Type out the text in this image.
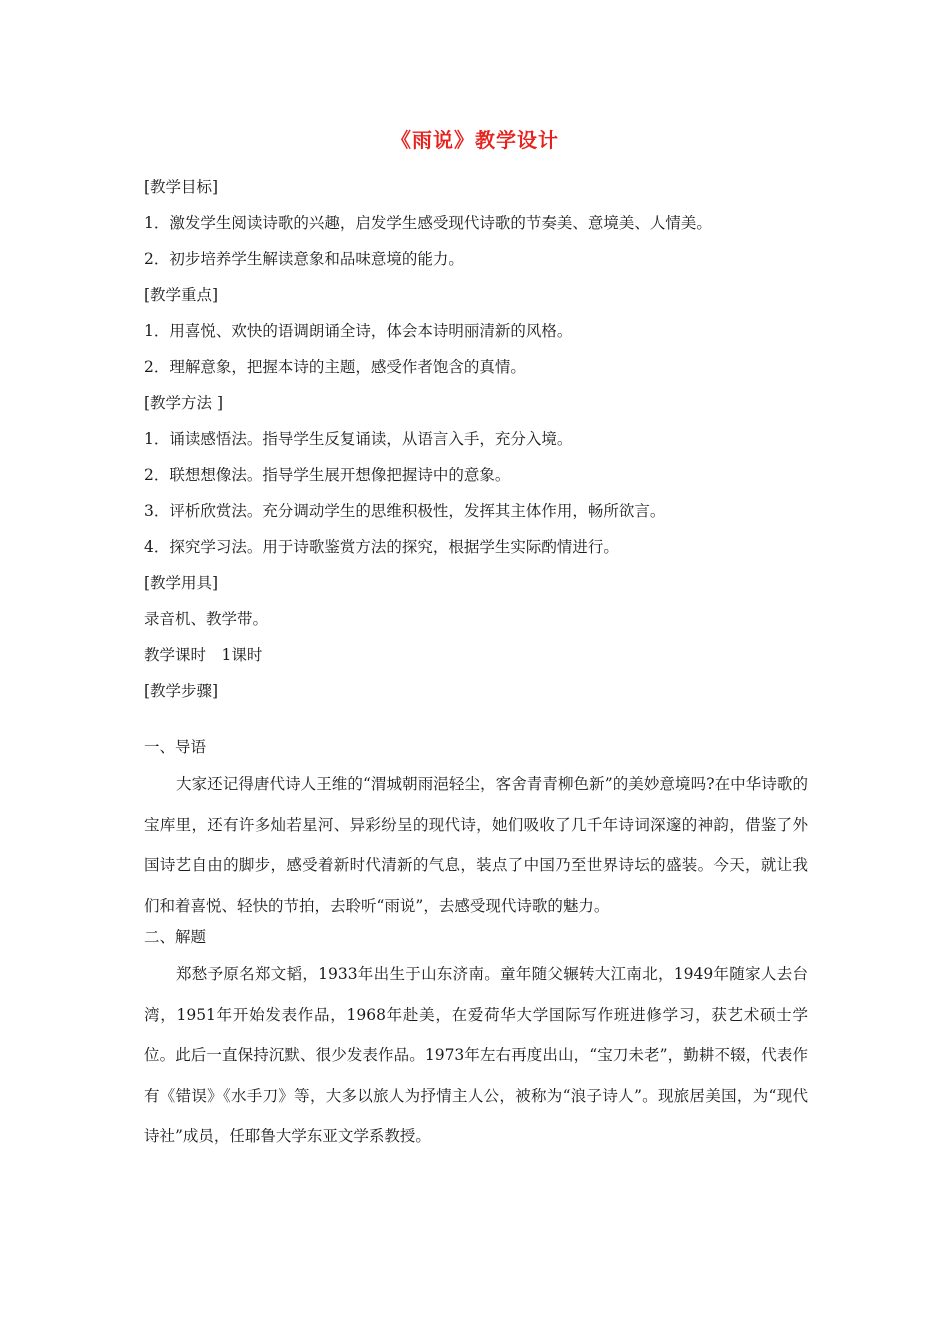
《雨说》教学设计
[教学目标]
1．激发学生阅读诗歌的兴趣，启发学生感受现代诗歌的节奏美、意境美、人情美。
2．初步培养学生解读意象和品味意境的能力。
[教学重点]
1．用喜悦、欢快的语调朗诵全诗，体会本诗明丽清新的风格。
2．理解意象，把握本诗的主题，感受作者饱含的真情。
[教学方法 ]
1．诵读感悟法。指导学生反复诵读，从语言入手，充分入境。
2．联想想像法。指导学生展开想像把握诗中的意象。
3．评析欣赏法。充分调动学生的思维积极性，发挥其主体作用，畅所欲言。
4．探究学习法。用于诗歌鉴赏方法的探究，根据学生实际酌情进行。
[教学用具]
录音机、教学带。
教学课时　1课时
[教学步骤]
一、导语
大家还记得唐代诗人王维的“渭城朝雨浥轻尘，客舍青青柳色新”的美妙意境吗?在中华诗歌的宝库里，还有许多灿若星河、异彩纷呈的现代诗，她们吸收了几千年诗词深邃的神韵，借鉴了外国诗艺自由的脚步，感受着新时代清新的气息，装点了中国乃至世界诗坛的盛装。今天，就让我们和着喜悦、轻快的节拍，去聆听“雨说”，去感受现代诗歌的魅力。
二、解题
郑愁予原名郑文韬，1933年出生于山东济南。童年随父辗转大江南北，1949年随家人去台湾，1951年开始发表作品，1968年赴美，在爱荷华大学国际写作班进修学习，获艺术硕士学位。此后一直保持沉默、很少发表作品。1973年左右再度出山，“宝刀未老”，勤耕不辍，代表作有《错误》《水手刀》等，大多以旅人为抒情主人公，被称为“浪子诗人”。现旅居美国，为“现代诗社”成员，任耶鲁大学东亚文学系教授。
